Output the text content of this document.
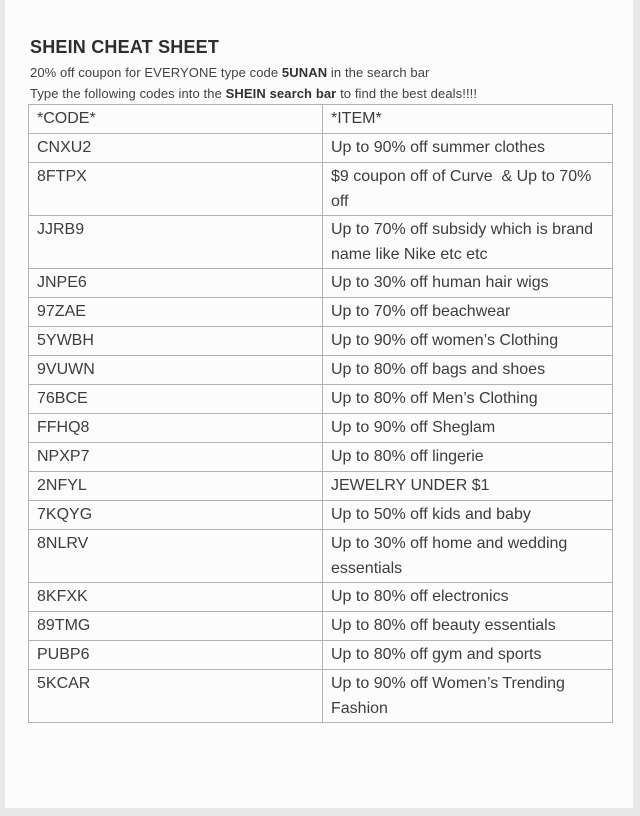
SHEIN CHEAT SHEET
20% off coupon for EVERYONE type code 5UNAN in the search bar
Type the following codes into the SHEIN search bar to find the best deals!!!!
*CODE*	*ITEM*
CNXU2	Up to 90% off summer clothes
8FTPX	$9 coupon off of Curve  & Up to 70% off
JJRB9	Up to 70% off subsidy which is brand name like Nike etc etc
JNPE6	Up to 30% off human hair wigs
97ZAE	Up to 70% off beachwear
5YWBH	Up to 90% off women’s Clothing
9VUWN	Up to 80% off bags and shoes
76BCE	Up to 80% off Men’s Clothing
FFHQ8	Up to 90% off Sheglam
NPXP7	Up to 80% off lingerie
2NFYL	JEWELRY UNDER $1
7KQYG	Up to 50% off kids and baby
8NLRV	Up to 30% off home and wedding essentials
8KFXK	Up to 80% off electronics
89TMG	Up to 80% off beauty essentials
PUBP6	Up to 80% off gym and sports
5KCAR	Up to 90% off Women’s Trending Fashion
